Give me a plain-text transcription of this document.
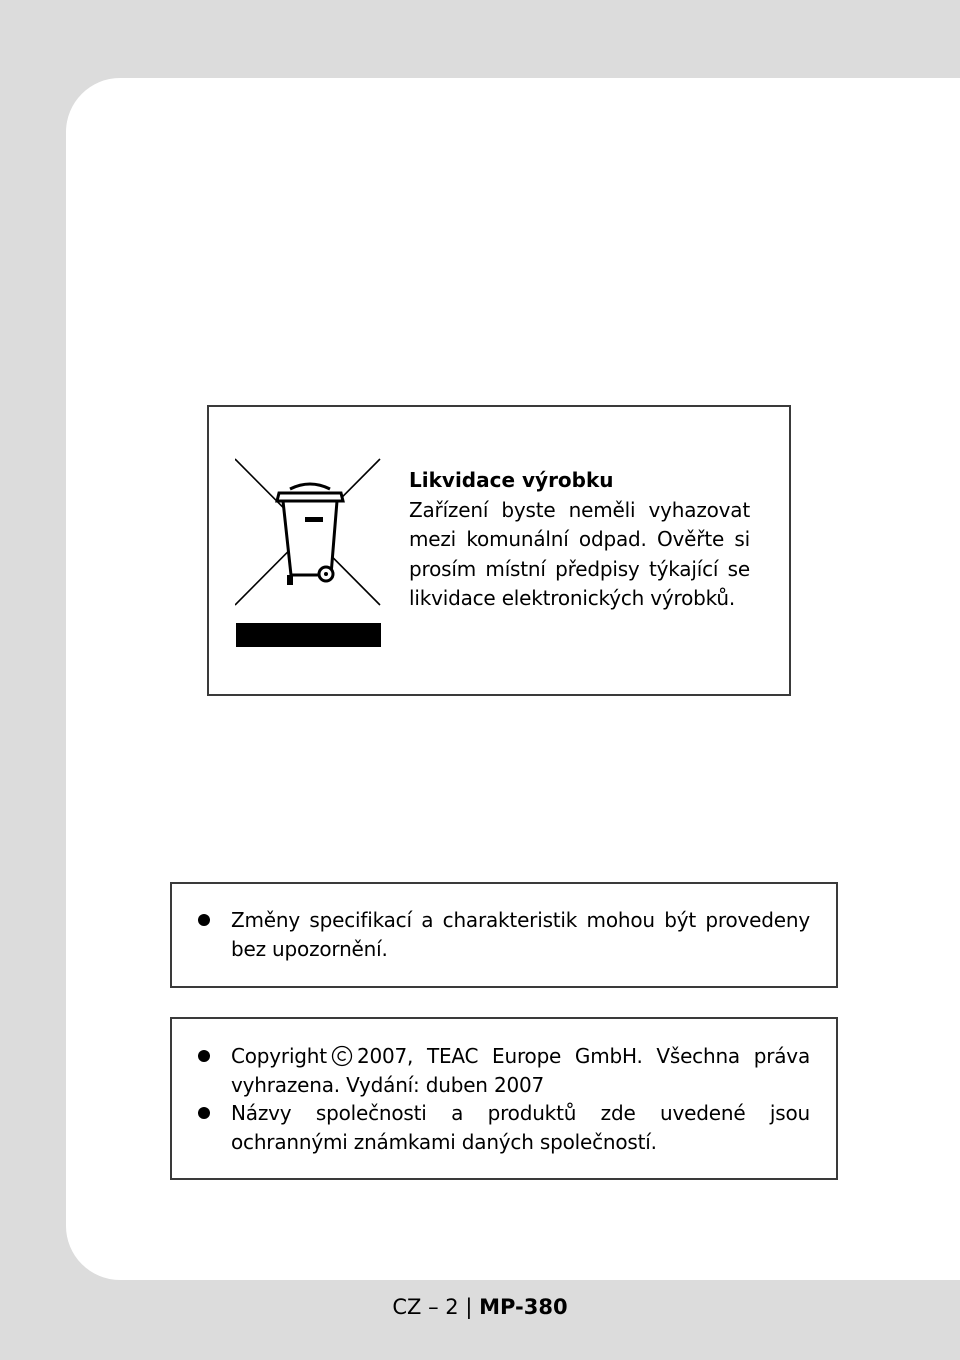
Likvidace výrobku
Zařízení byste neměli vyhazovat mezi komunální odpad. Ověřte si prosím místní předpisy týkající se likvidace elektronických výrobků.
Změny specifikací a charakteristik mohou být provedeny bez upozornění.
Copyright 2007, TEAC Europe GmbH. Všechna práva vyhrazena. Vydání: duben 2007
Názvy společnosti a produktů zde uvedené jsou ochrannými známkami daných společností.
CZ – 2 | MP-380
